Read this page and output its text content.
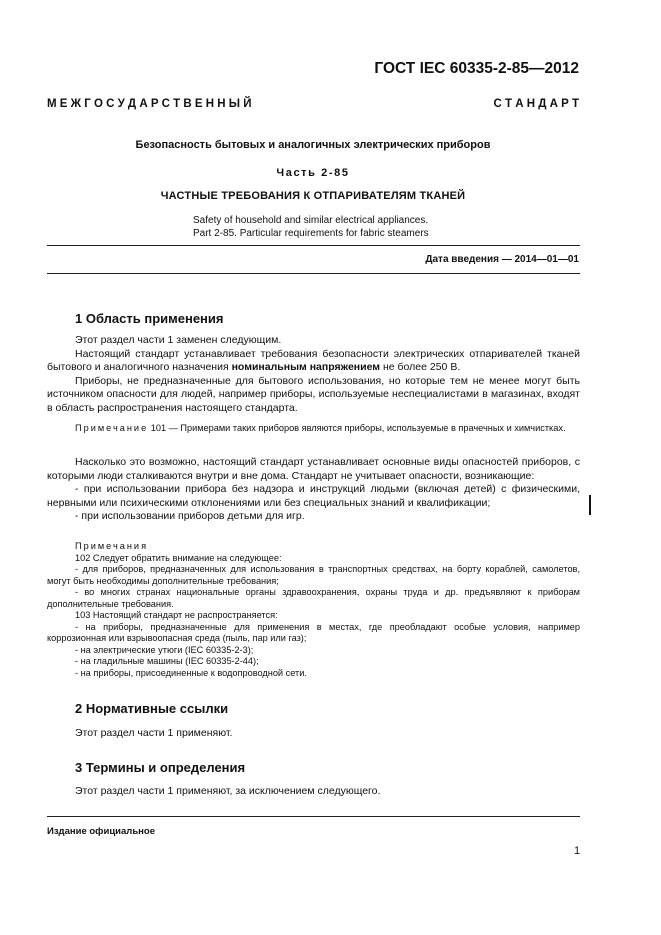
ГОСТ IEC 60335-2-85—2012
М Е Ж Г О С У Д А Р С Т В Е Н Н Ы Й	С Т А Н Д А Р Т
Безопасность бытовых и аналогичных электрических приборов
Часть 2-85
ЧАСТНЫЕ ТРЕБОВАНИЯ К ОТПАРИВАТЕЛЯМ ТКАНЕЙ
Safety of household and similar electrical appliances.
Part 2-85. Particular requirements for fabric steamers
Дата введения — 2014—01—01
1 Область применения

Этот раздел части 1 заменен следующим.

Настоящий стандарт устанавливает требования безопасности электрических отпаривателей тканей бытового и аналогичного назначения номинальным напряжением не более 250 В.

Приборы, не предназначенные для бытового использования, но которые тем не менее могут быть источником опасности для людей, например приборы, используемые неспециалистами в магазинах, входят в область распространения настоящего стандарта.

Примечание 101 — Примерами таких приборов являются приборы, используемые в прачечных и химчистках.

Насколько это возможно, настоящий стандарт устанавливает основные виды опасностей приборов, с которыми люди сталкиваются внутри и вне дома. Стандарт не учитывает опасности, возникающие:

- при использовании прибора без надзора и инструкций людьми (включая детей) с физическими, нервными или психическими отклонениями или без специальных знаний и квалификации;

- при использовании приборов детьми для игр.

Примечания

102 Следует обратить внимание на следующее:

- для приборов, предназначенных для использования в транспортных средствах, на борту кораблей, самолетов, могут быть необходимы дополнительные требования;

- во многих странах национальные органы здравоохранения, охраны труда и др. предъявляют к приборам дополнительные требования.

103 Настоящий стандарт не распространяется:

- на приборы, предназначенные для применения в местах, где преобладают особые условия, например коррозионная или взрывоопасная среда (пыль, пар или газ);

- на электрические утюги (IEC 60335-2-3);

- на гладильные машины (IEC 60335-2-44);

- на приборы, присоединенные к водопроводной сети.

2 Нормативные ссылки

Этот раздел части 1 применяют.

3 Термины и определения

Этот раздел части 1 применяют, за исключением следующего.

Издание официальное
1
